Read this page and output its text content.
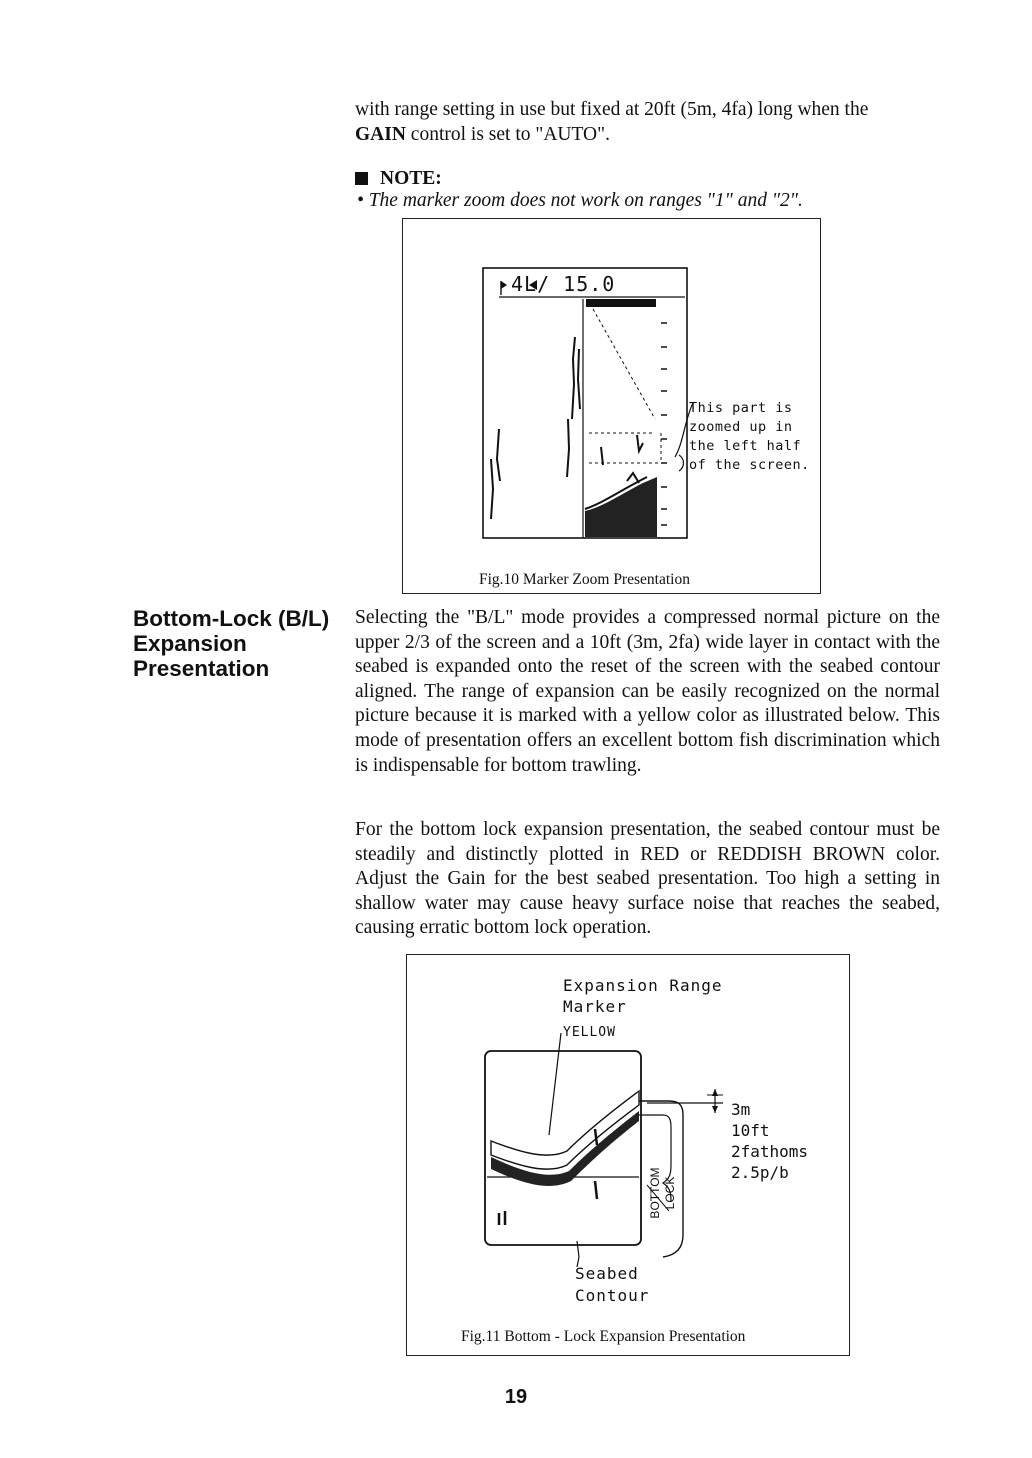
with range setting in use but fixed at 20ft (5m, 4fa) long when the
GAIN control is set to "AUTO".
NOTE:
• The marker zoom does not work on ranges "1" and "2".
4L/ 15.0
This part is
zoomed up in
the left half
of the screen.
Fig.10 Marker Zoom Presentation
Bottom-Lock (B/L) Expansion Presentation
Selecting the "B/L" mode provides a compressed normal picture on the upper 2/3 of the screen and a 10ft (3m, 2fa) wide layer in contact with the seabed is expanded onto the reset of the screen with the seabed contour aligned. The range of expansion can be easily recognized on the normal picture because it is marked with a yellow color as illustrated below. This mode of presentation offers an excellent bottom fish discrimination which is indispensable for bottom trawling.
For the bottom lock expansion presentation, the seabed contour must be steadily and distinctly plotted in RED or REDDISH BROWN color. Adjust the Gain for the best seabed presentation. Too high a setting in shallow water may cause heavy surface noise that reaches the seabed, causing erratic bottom lock operation.
Expansion Range
Marker
YELLOW
3m
10ft
2fathoms
2.5p/b
BOTTOM LOCK
Seabed
Contour
Fig.11 Bottom - Lock Expansion Presentation
19
